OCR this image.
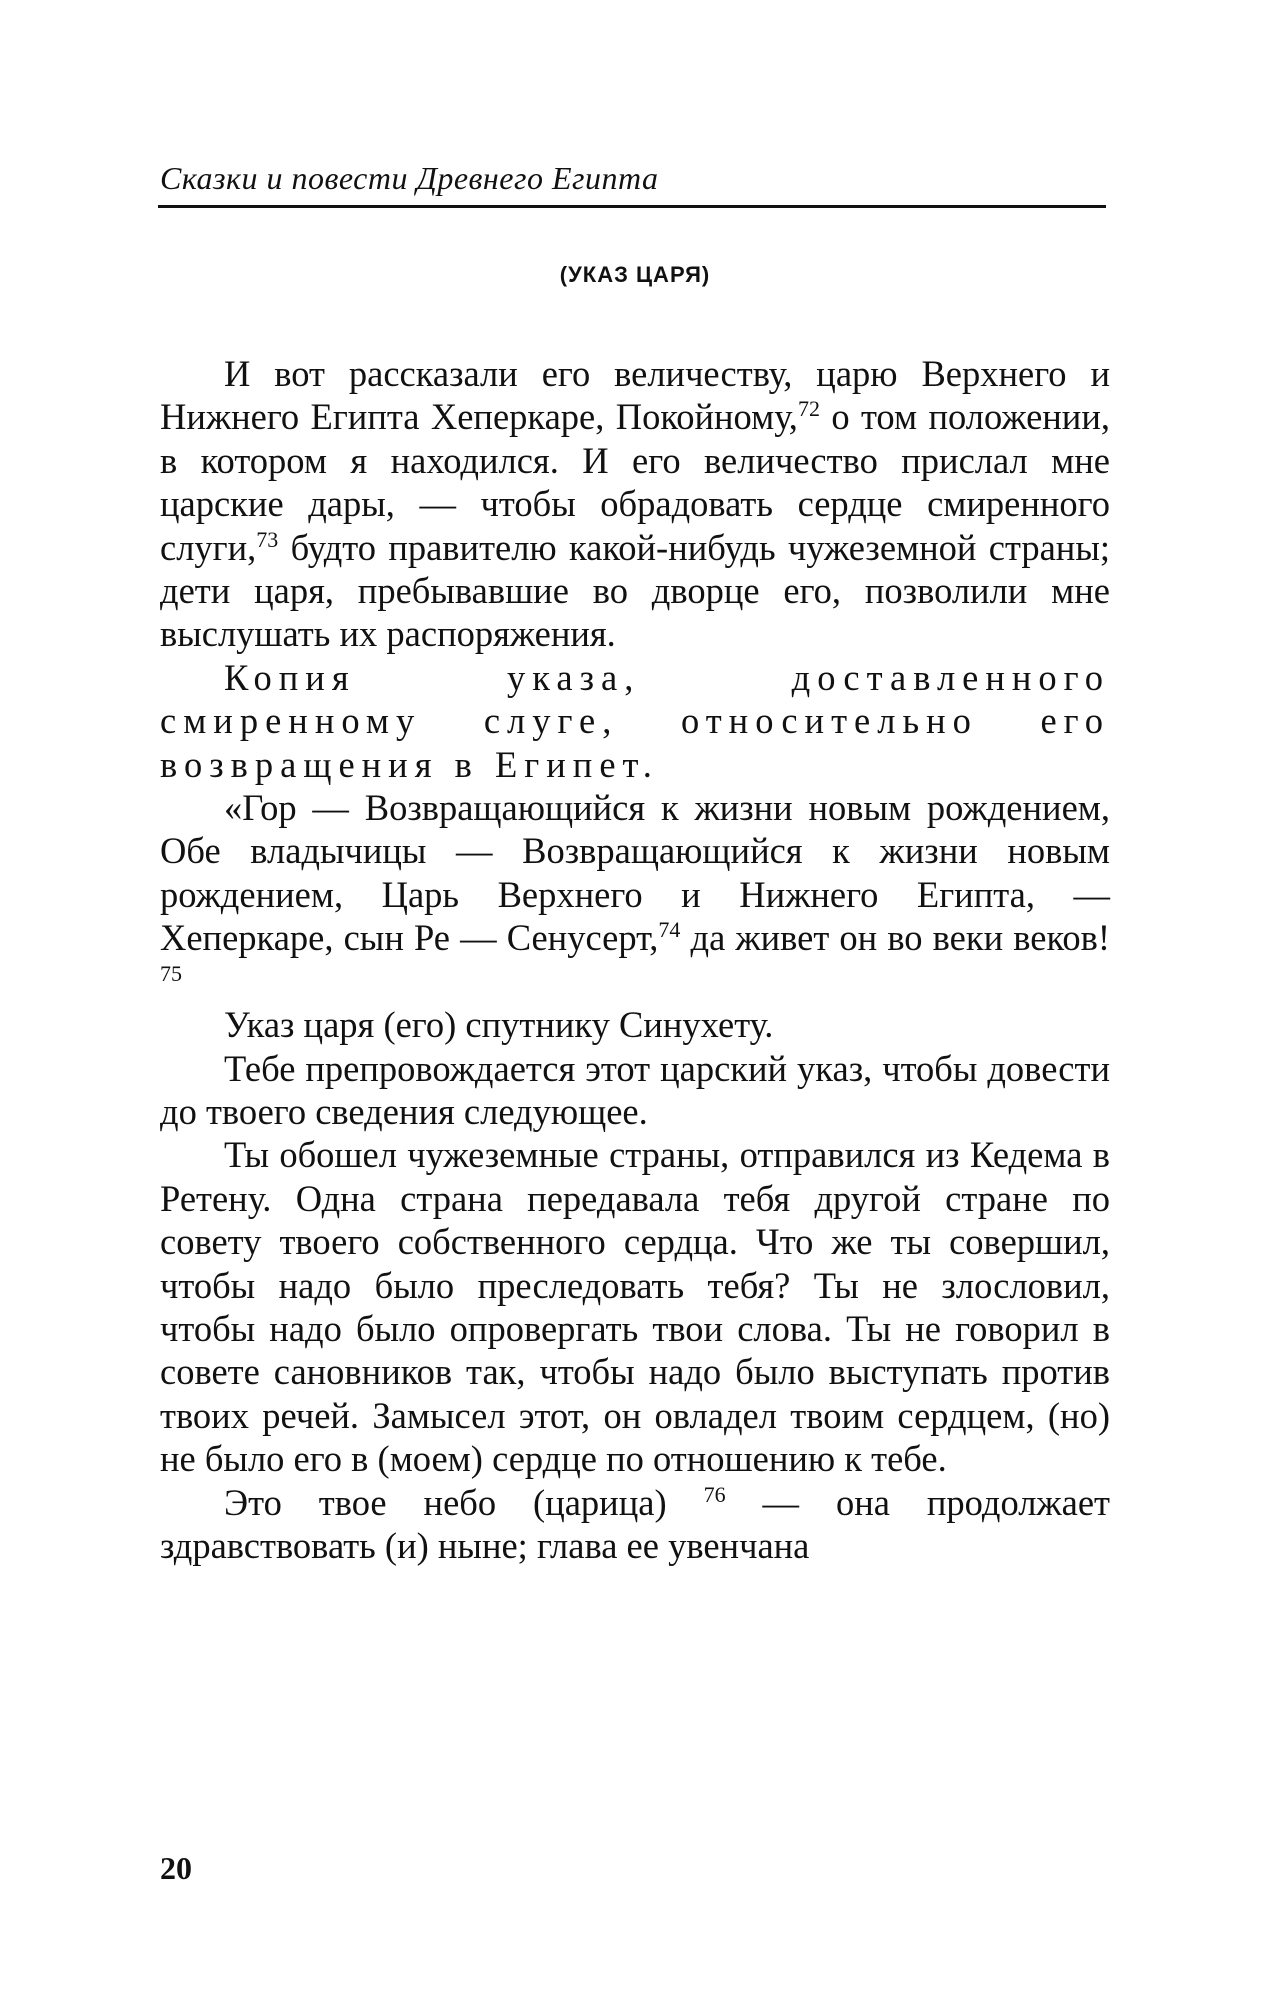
Сказки и повести Древнего Египта
(УКАЗ ЦАРЯ)

И вот рассказали его величеству, царю Верхнего и Нижнего Египта Хеперкаре, Покойному,$^{72}$ о том положении, в котором я находился. И его величество прислал мне царские дары, — чтобы обрадовать сердце смиренного слуги,$^{73}$ будто правителю какой-нибудь чужеземной страны; дети царя, пребывавшие во дворце его, позволили мне выслушать их распоряжения.

Копия указа, доставленного смиренному слуге, относительно его возвращения в Египет.

«Гор — Возвращающийся к жизни новым рождением, Обе владычицы — Возвращающийся к жизни новым рождением, Царь Верхнего и Нижнего Египта, — Хеперкаре, сын Ре — Сенусерт,$^{74}$ да живет он во веки веков! $^{75}$

Указ царя (его) спутнику Синухету.

Тебе препровождается этот царский указ, чтобы довести до твоего сведения следующее.

Ты обошел чужеземные страны, отправился из Кедема в Ретену. Одна страна передавала тебя другой стране по совету твоего собственного сердца. Что же ты совершил, чтобы надо было преследовать тебя? Ты не злословил, чтобы надо было опровергать твои слова. Ты не говорил в совете сановников так, чтобы надо было выступать против твоих речей. Замысел этот, он овладел твоим сердцем, (но) не было его в (моем) сердце по отношению к тебе.

Это твое небо (царица) $^{76}$ — она продолжает здравствовать (и) ныне; глава ее увенчана

20
